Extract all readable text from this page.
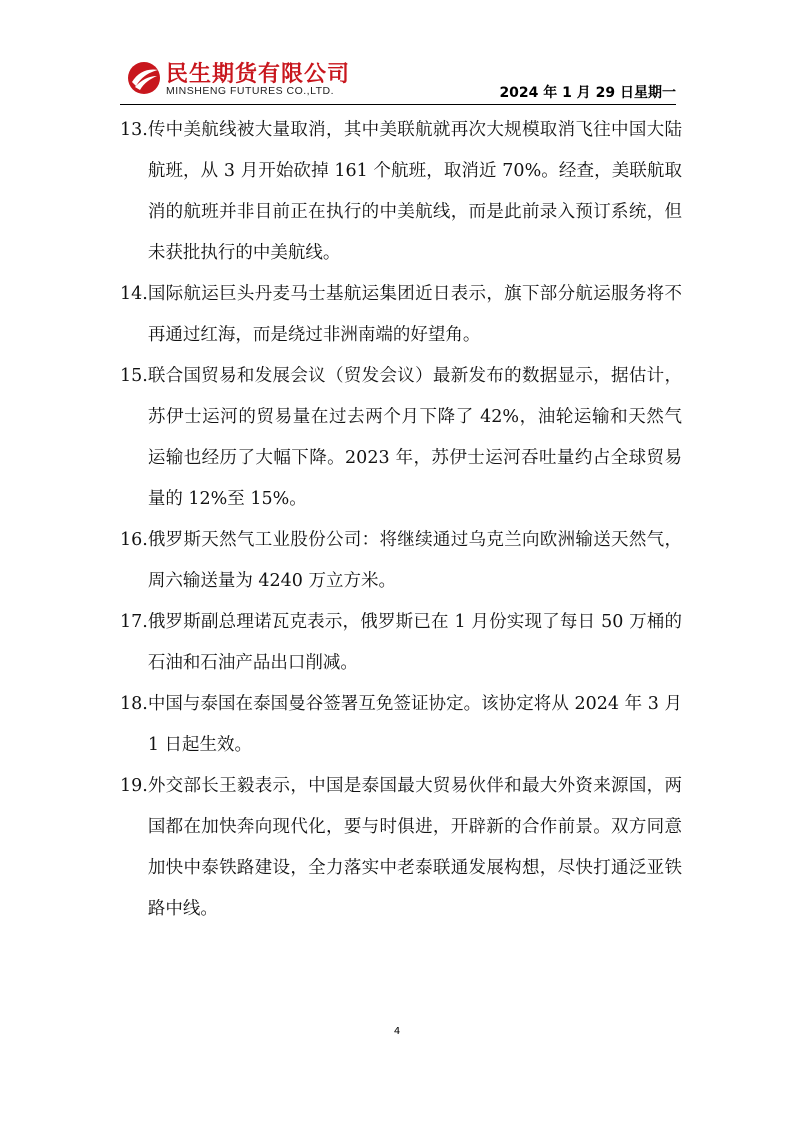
民生期货有限公司
MINSHENG FUTURES CO.,LTD.	2024 年 1 月 29 日星期一
13. 传中美航线被大量取消，其中美联航就再次大规模取消飞往中国大陆航班，从 3 月开始砍掉 161 个航班，取消近 70%。经查，美联航取消的航班并非目前正在执行的中美航线，而是此前录入预订系统，但未获批执行的中美航线。
14. 国际航运巨头丹麦马士基航运集团近日表示，旗下部分航运服务将不再通过红海，而是绕过非洲南端的好望角。
15. 联合国贸易和发展会议（贸发会议）最新发布的数据显示，据估计，苏伊士运河的贸易量在过去两个月下降了 42%，油轮运输和天然气运输也经历了大幅下降。2023 年，苏伊士运河吞吐量约占全球贸易量的 12%至 15%。
16. 俄罗斯天然气工业股份公司：将继续通过乌克兰向欧洲输送天然气，周六输送量为 4240 万立方米。
17. 俄罗斯副总理诺瓦克表示，俄罗斯已在 1 月份实现了每日 50 万桶的石油和石油产品出口削减。
18. 中国与泰国在泰国曼谷签署互免签证协定。该协定将从 2024 年 3 月 1 日起生效。
19. 外交部长王毅表示，中国是泰国最大贸易伙伴和最大外资来源国，两国都在加快奔向现代化，要与时俱进，开辟新的合作前景。双方同意加快中泰铁路建设，全力落实中老泰联通发展构想，尽快打通泛亚铁路中线。
4
